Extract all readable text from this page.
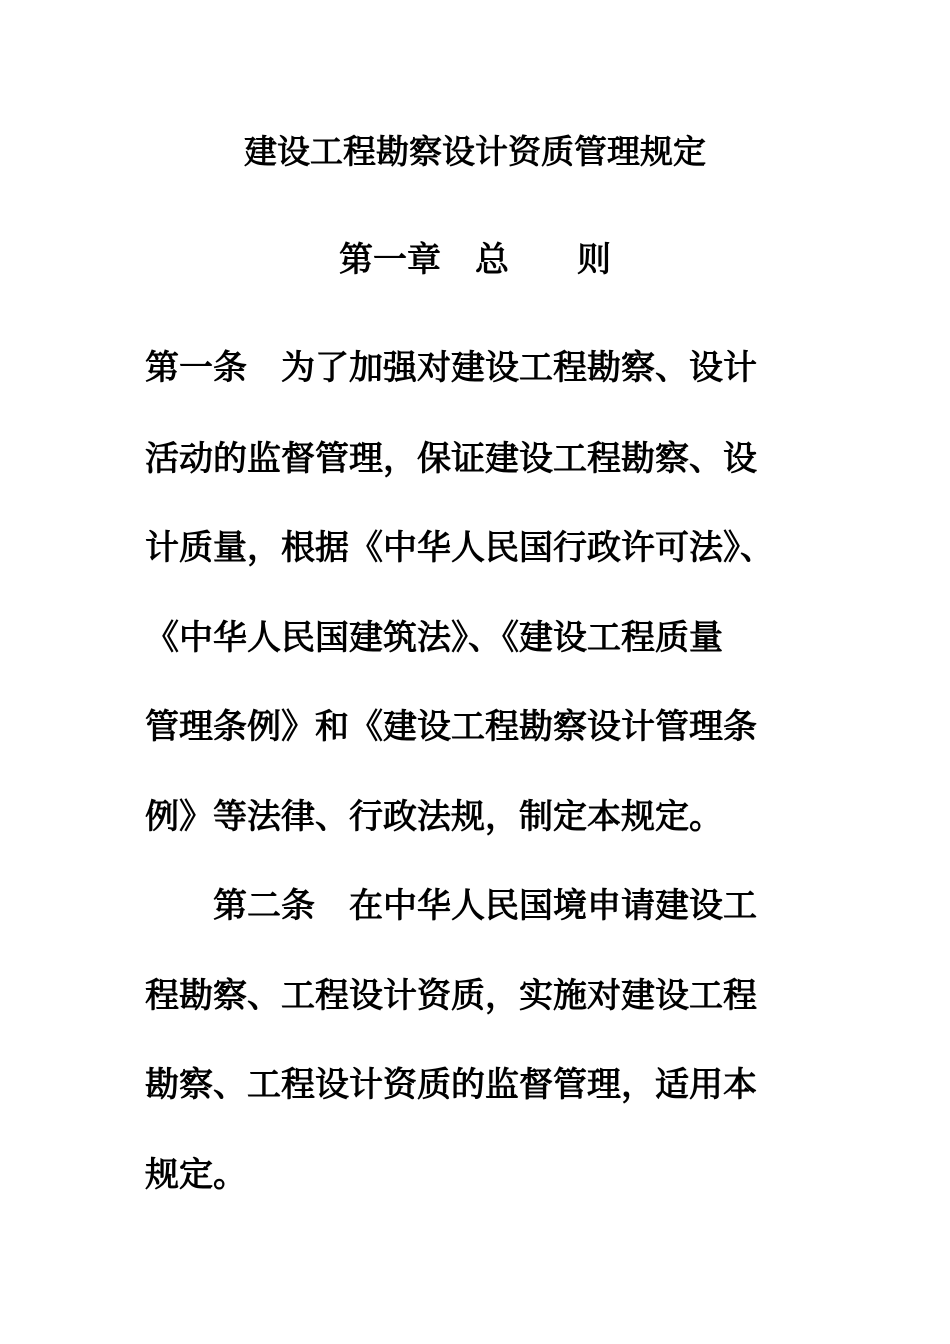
建设工程勘察设计资质管理规定
第一章　总　　则
第一条　为了加强对建设工程勘察、设计
活动的监督管理，保证建设工程勘察、设
计质量，根据《中华人民国行政许可法》、
《中华人民国建筑法》、《建设工程质量
管理条例》和《建设工程勘察设计管理条
例》等法律、行政法规，制定本规定。
　　第二条　在中华人民国境申请建设工
程勘察、工程设计资质，实施对建设工程
勘察、工程设计资质的监督管理，适用本
规定。
